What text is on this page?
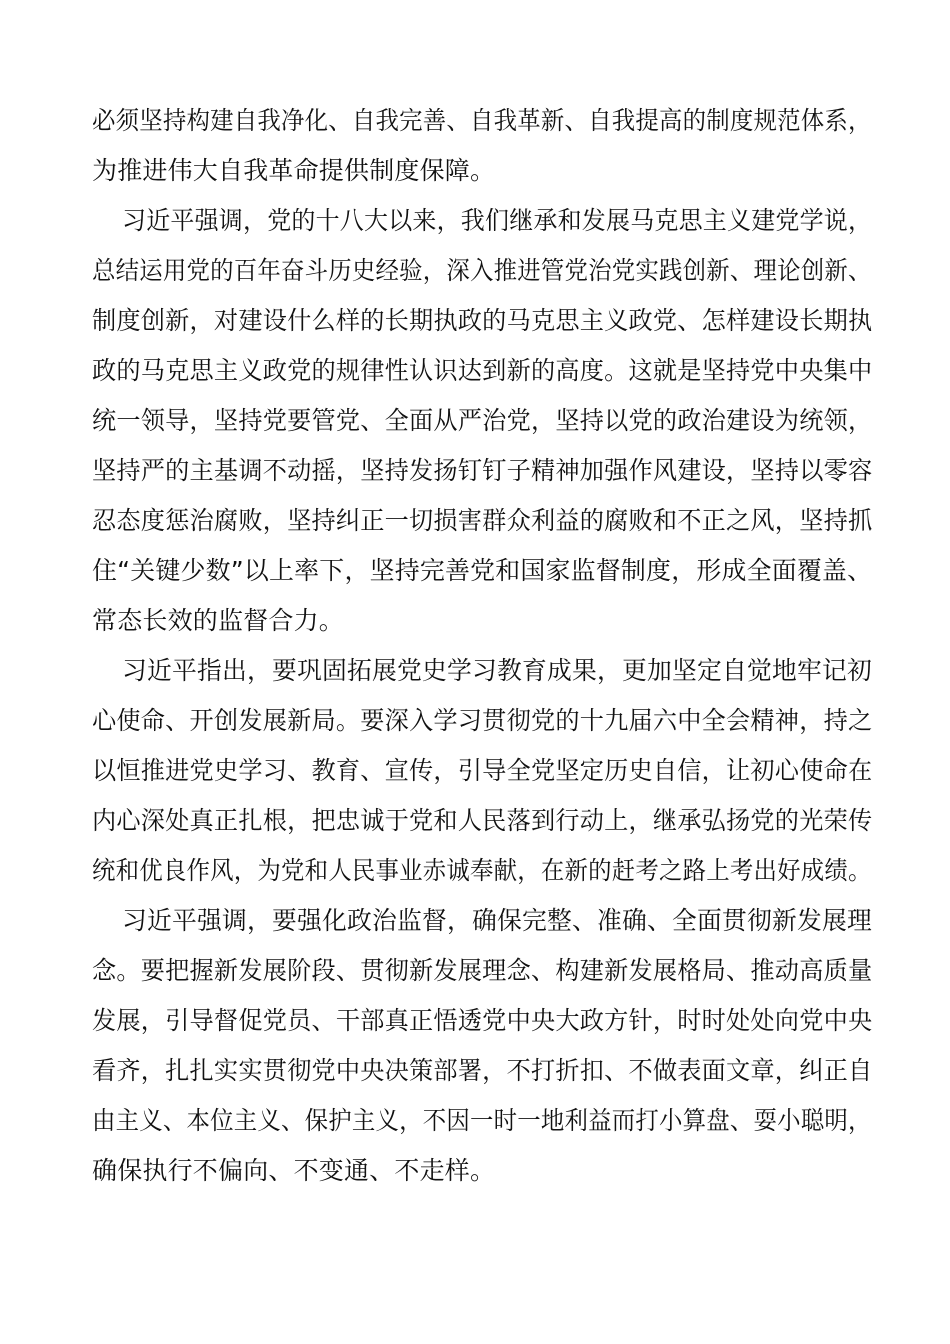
必须坚持构建自我净化、自我完善、自我革新、自我提高的制度规范体系，
为推进伟大自我革命提供制度保障。
习近平强调，党的十八大以来，我们继承和发展马克思主义建党学说，
总结运用党的百年奋斗历史经验，深入推进管党治党实践创新、理论创新、
制度创新，对建设什么样的长期执政的马克思主义政党、怎样建设长期执
政的马克思主义政党的规律性认识达到新的高度。这就是坚持党中央集中
统一领导，坚持党要管党、全面从严治党，坚持以党的政治建设为统领，
坚持严的主基调不动摇，坚持发扬钉钉子精神加强作风建设，坚持以零容
忍态度惩治腐败，坚持纠正一切损害群众利益的腐败和不正之风，坚持抓
住“关键少数”以上率下，坚持完善党和国家监督制度，形成全面覆盖、
常态长效的监督合力。
习近平指出，要巩固拓展党史学习教育成果，更加坚定自觉地牢记初
心使命、开创发展新局。要深入学习贯彻党的十九届六中全会精神，持之
以恒推进党史学习、教育、宣传，引导全党坚定历史自信，让初心使命在
内心深处真正扎根，把忠诚于党和人民落到行动上，继承弘扬党的光荣传
统和优良作风，为党和人民事业赤诚奉献，在新的赶考之路上考出好成绩。
习近平强调，要强化政治监督，确保完整、准确、全面贯彻新发展理
念。要把握新发展阶段、贯彻新发展理念、构建新发展格局、推动高质量
发展，引导督促党员、干部真正悟透党中央大政方针，时时处处向党中央
看齐，扎扎实实贯彻党中央决策部署，不打折扣、不做表面文章，纠正自
由主义、本位主义、保护主义，不因一时一地利益而打小算盘、耍小聪明，
确保执行不偏向、不变通、不走样。
